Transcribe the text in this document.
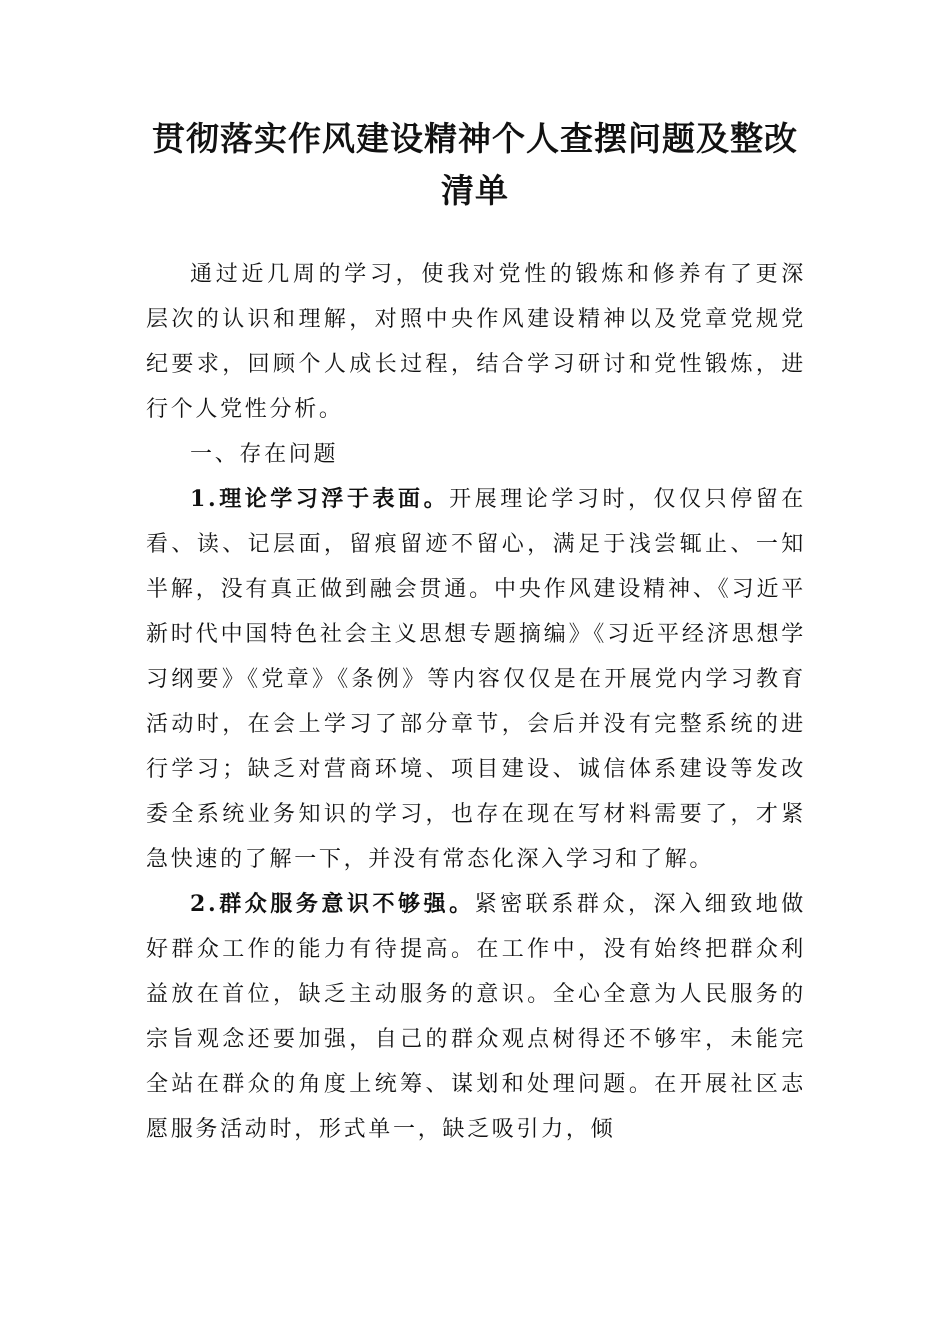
贯彻落实作风建设精神个人查摆问题及整改清单

通过近几周的学习，使我对党性的锻炼和修养有了更深层次的认识和理解，对照中央作风建设精神以及党章党规党纪要求，回顾个人成长过程，结合学习研讨和党性锻炼，进行个人党性分析。

一、存在问题

1.理论学习浮于表面。开展理论学习时，仅仅只停留在看、读、记层面，留痕留迹不留心，满足于浅尝辄止、一知半解，没有真正做到融会贯通。中央作风建设精神、《习近平新时代中国特色社会主义思想专题摘编》《习近平经济思想学习纲要》《党章》《条例》等内容仅仅是在开展党内学习教育活动时，在会上学习了部分章节，会后并没有完整系统的进行学习；缺乏对营商环境、项目建设、诚信体系建设等发改委全系统业务知识的学习，也存在现在写材料需要了，才紧急快速的了解一下，并没有常态化深入学习和了解。

2.群众服务意识不够强。紧密联系群众，深入细致地做好群众工作的能力有待提高。在工作中，没有始终把群众利益放在首位，缺乏主动服务的意识。全心全意为人民服务的宗旨观念还要加强，自己的群众观点树得还不够牢，未能完全站在群众的角度上统筹、谋划和处理问题。在开展社区志愿服务活动时，形式单一，缺乏吸引力，倾
